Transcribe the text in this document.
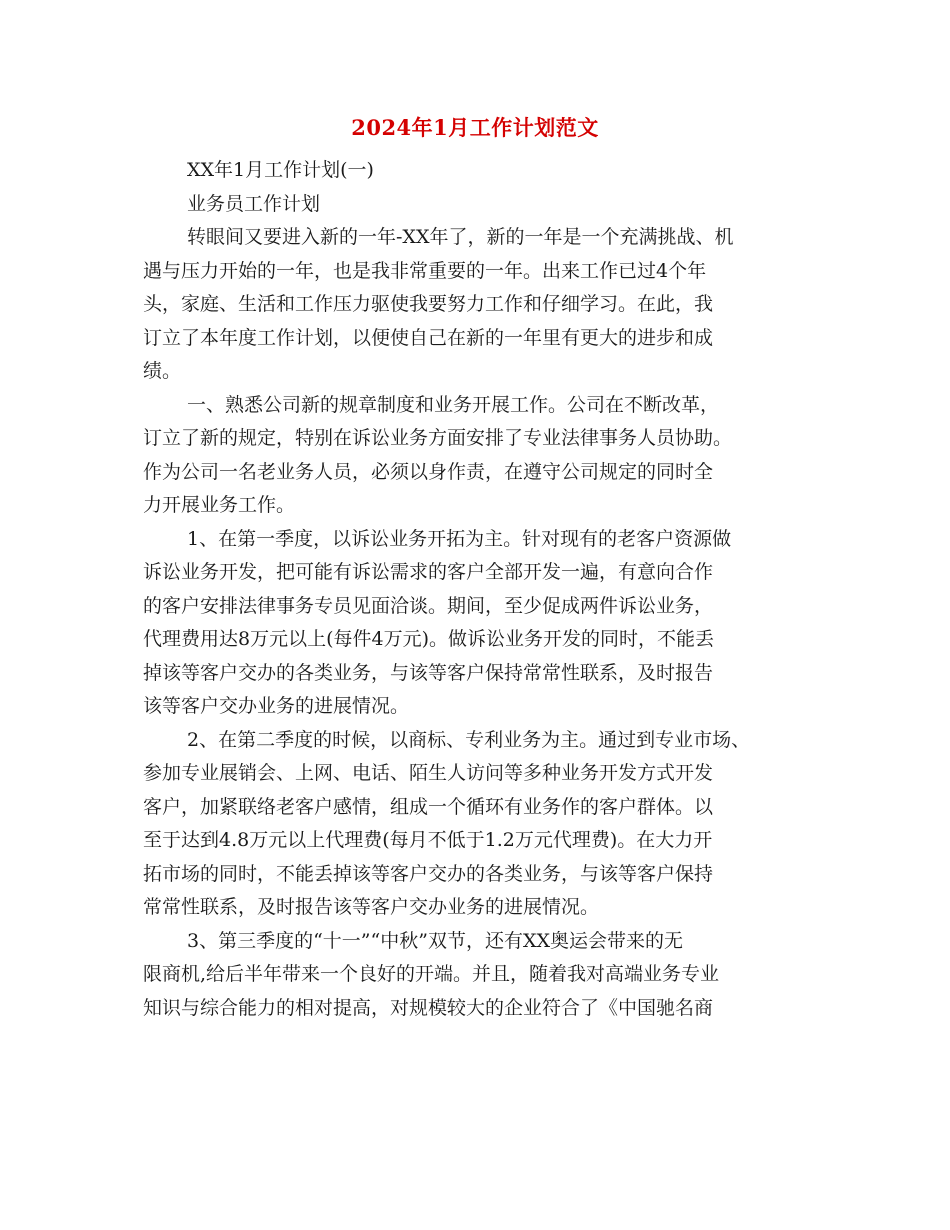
2024年1月工作计划范文
XX年1月工作计划(一)
业务员工作计划
转眼间又要进入新的一年-XX年了，新的一年是一个充满挑战、机
遇与压力开始的一年，也是我非常重要的一年。出来工作已过4个年
头，家庭、生活和工作压力驱使我要努力工作和仔细学习。在此，我
订立了本年度工作计划，以便使自己在新的一年里有更大的进步和成
绩。
一、熟悉公司新的规章制度和业务开展工作。公司在不断改革，
订立了新的规定，特别在诉讼业务方面安排了专业法律事务人员协助。
作为公司一名老业务人员，必须以身作责，在遵守公司规定的同时全
力开展业务工作。
1、在第一季度，以诉讼业务开拓为主。针对现有的老客户资源做
诉讼业务开发，把可能有诉讼需求的客户全部开发一遍，有意向合作
的客户安排法律事务专员见面洽谈。期间，至少促成两件诉讼业务，
代理费用达8万元以上(每件4万元)。做诉讼业务开发的同时，不能丢
掉该等客户交办的各类业务，与该等客户保持常常性联系，及时报告
该等客户交办业务的进展情况。
2、在第二季度的时候，以商标、专利业务为主。通过到专业市场、
参加专业展销会、上网、电话、陌生人访问等多种业务开发方式开发
客户，加紧联络老客户感情，组成一个循环有业务作的客户群体。以
至于达到4.8万元以上代理费(每月不低于1.2万元代理费)。在大力开
拓市场的同时，不能丢掉该等客户交办的各类业务，与该等客户保持
常常性联系，及时报告该等客户交办业务的进展情况。
3、第三季度的“十一”“中秋”双节，还有XX奥运会带来的无
限商机,给后半年带来一个良好的开端。并且，随着我对高端业务专业
知识与综合能力的相对提高，对规模较大的企业符合了《中国驰名商
